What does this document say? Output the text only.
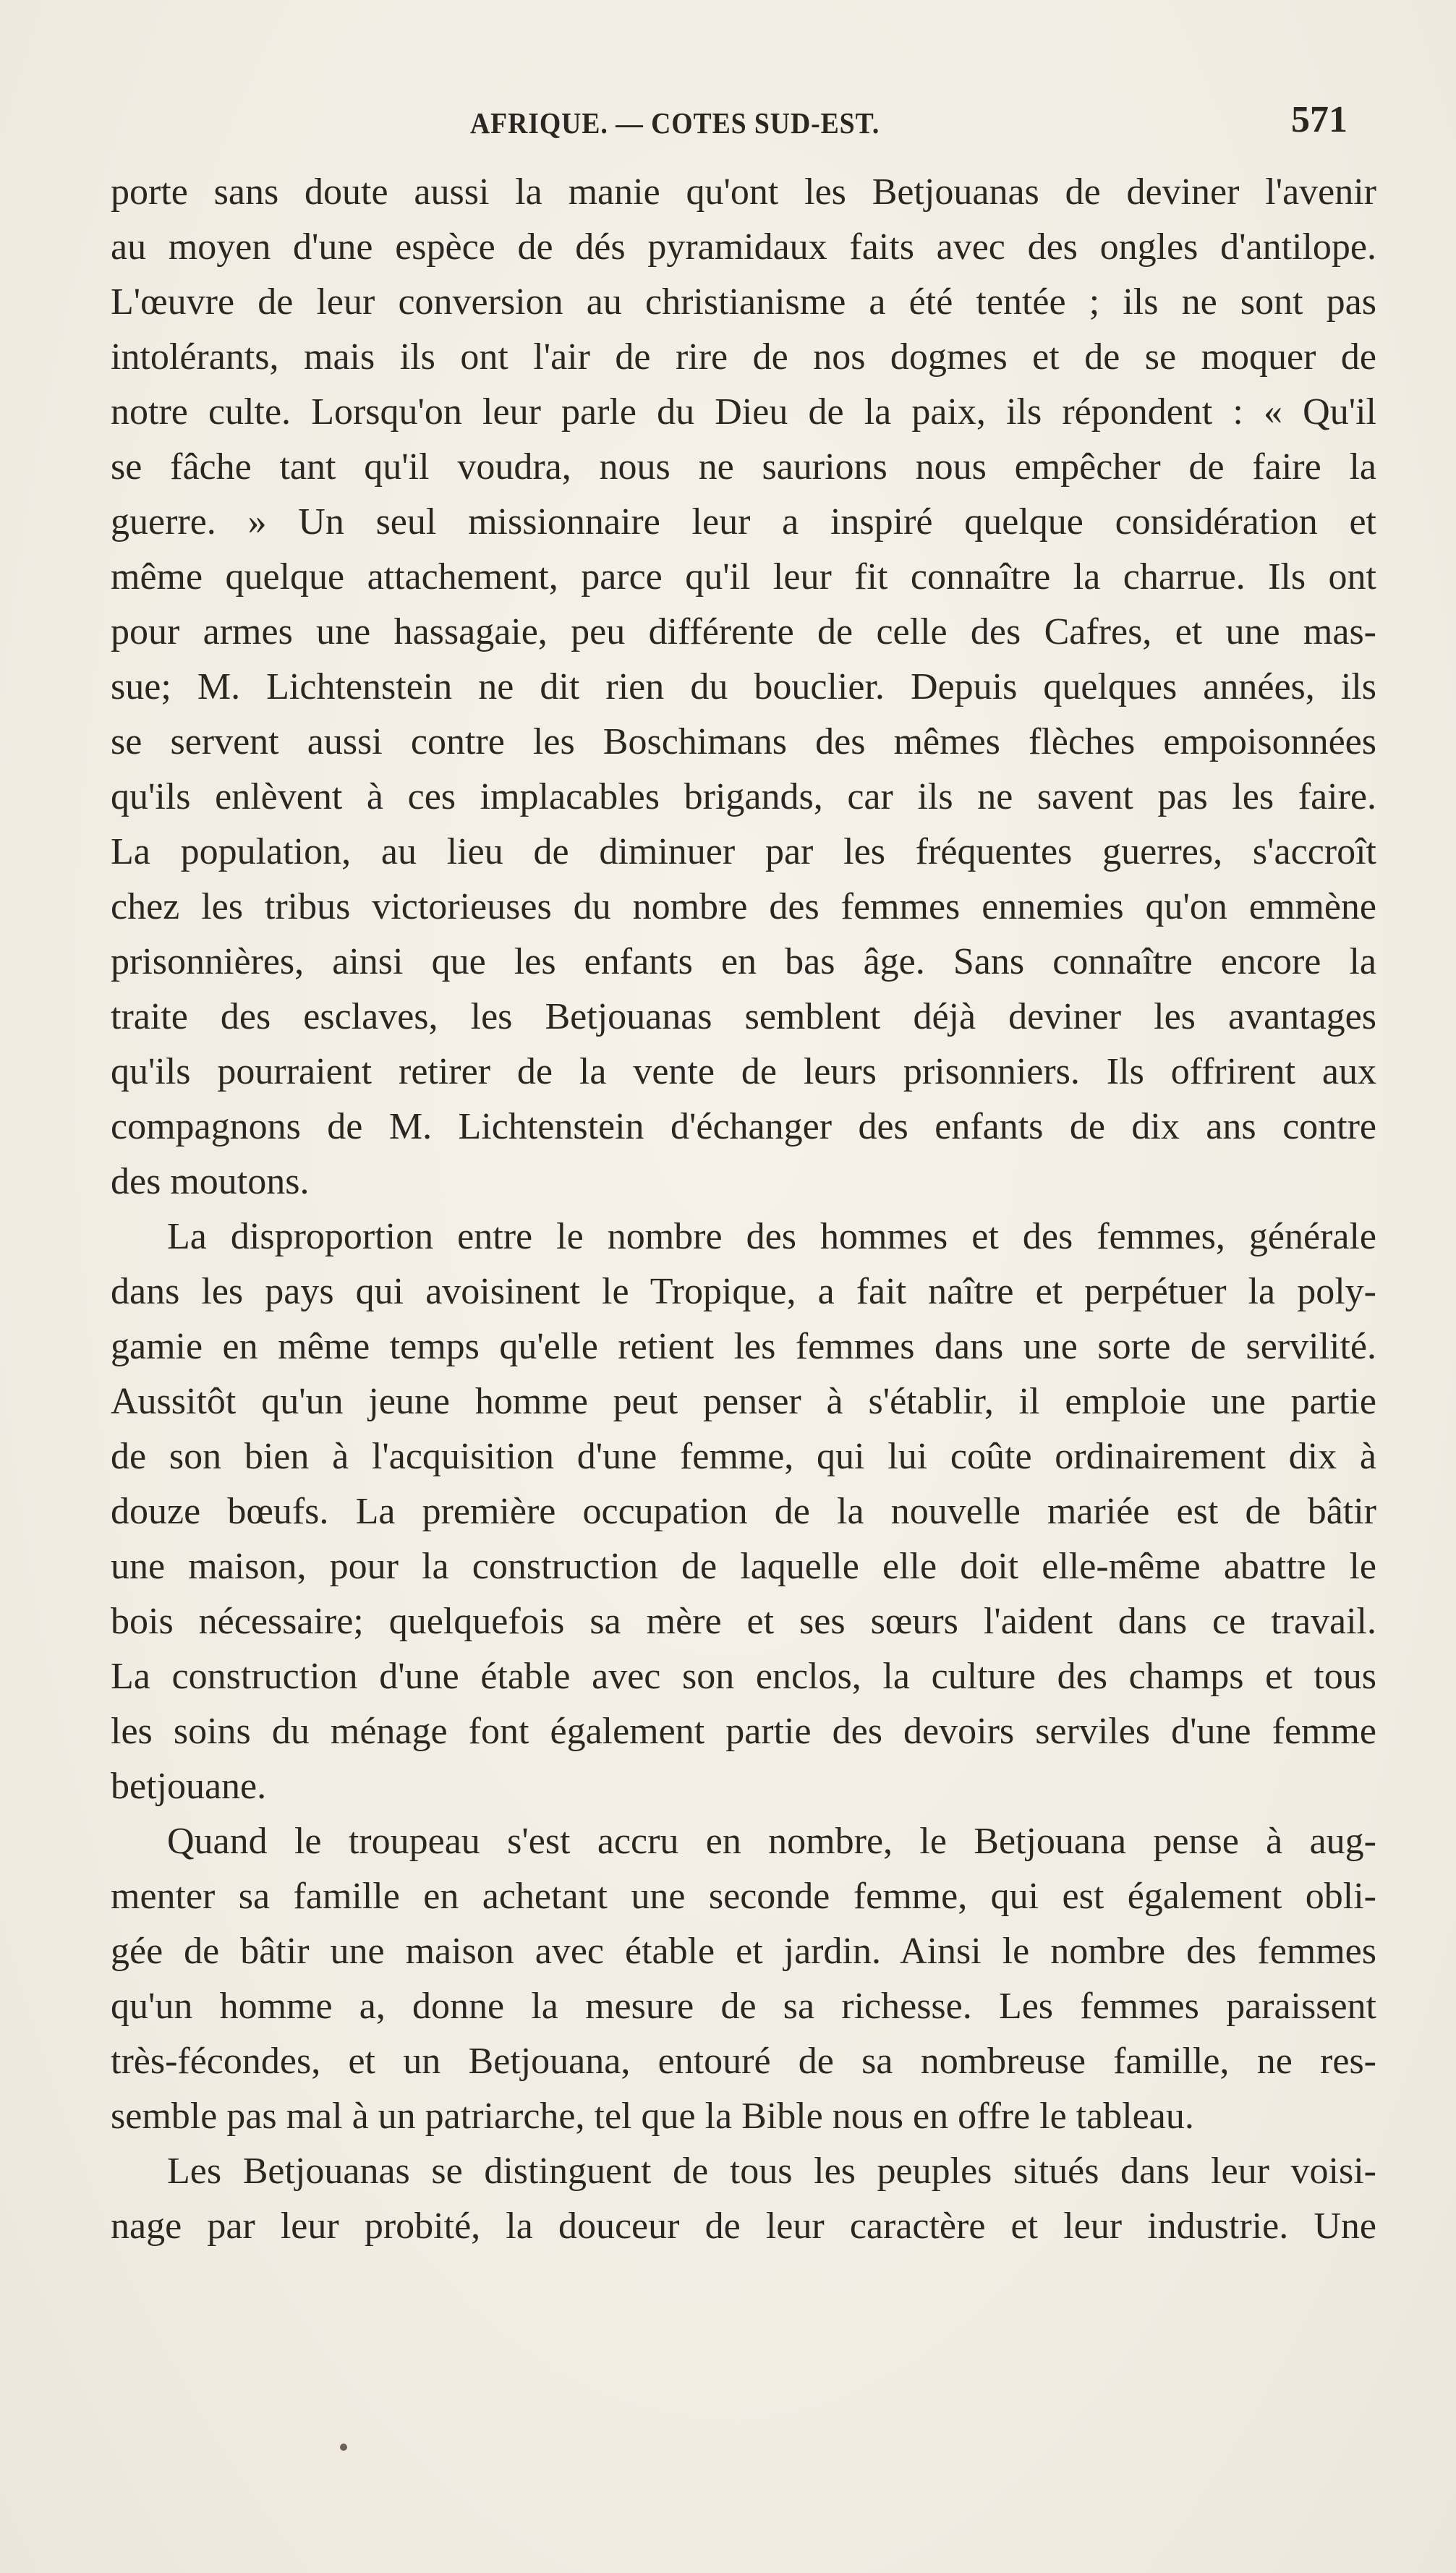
AFRIQUE. — COTES SUD-EST.	571
porte sans doute aussi la manie qu'ont les Betjouanas de deviner l'avenir
au moyen d'une espèce de dés pyramidaux faits avec des ongles d'antilope.
L'œuvre de leur conversion au christianisme a été tentée ; ils ne sont pas
intolérants, mais ils ont l'air de rire de nos dogmes et de se moquer de
notre culte. Lorsqu'on leur parle du Dieu de la paix, ils répondent : « Qu'il
se fâche tant qu'il voudra, nous ne saurions nous empêcher de faire la
guerre. » Un seul missionnaire leur a inspiré quelque considération et
même quelque attachement, parce qu'il leur fit connaître la charrue. Ils ont
pour armes une hassagaie, peu différente de celle des Cafres, et une mas-
sue; M. Lichtenstein ne dit rien du bouclier. Depuis quelques années, ils
se servent aussi contre les Boschimans des mêmes flèches empoisonnées
qu'ils enlèvent à ces implacables brigands, car ils ne savent pas les faire.
La population, au lieu de diminuer par les fréquentes guerres, s'accroît
chez les tribus victorieuses du nombre des femmes ennemies qu'on emmène
prisonnières, ainsi que les enfants en bas âge. Sans connaître encore la
traite des esclaves, les Betjouanas semblent déjà deviner les avantages
qu'ils pourraient retirer de la vente de leurs prisonniers. Ils offrirent aux
compagnons de M. Lichtenstein d'échanger des enfants de dix ans contre
des moutons.
La disproportion entre le nombre des hommes et des femmes, générale
dans les pays qui avoisinent le Tropique, a fait naître et perpétuer la poly-
gamie en même temps qu'elle retient les femmes dans une sorte de servilité.
Aussitôt qu'un jeune homme peut penser à s'établir, il emploie une partie
de son bien à l'acquisition d'une femme, qui lui coûte ordinairement dix à
douze bœufs. La première occupation de la nouvelle mariée est de bâtir
une maison, pour la construction de laquelle elle doit elle-même abattre le
bois nécessaire; quelquefois sa mère et ses sœurs l'aident dans ce travail.
La construction d'une étable avec son enclos, la culture des champs et tous
les soins du ménage font également partie des devoirs serviles d'une femme
betjouane.
Quand le troupeau s'est accru en nombre, le Betjouana pense à aug-
menter sa famille en achetant une seconde femme, qui est également obli-
gée de bâtir une maison avec étable et jardin. Ainsi le nombre des femmes
qu'un homme a, donne la mesure de sa richesse. Les femmes paraissent
très-fécondes, et un Betjouana, entouré de sa nombreuse famille, ne res-
semble pas mal à un patriarche, tel que la Bible nous en offre le tableau.
Les Betjouanas se distinguent de tous les peuples situés dans leur voisi-
nage par leur probité, la douceur de leur caractère et leur industrie. Une
